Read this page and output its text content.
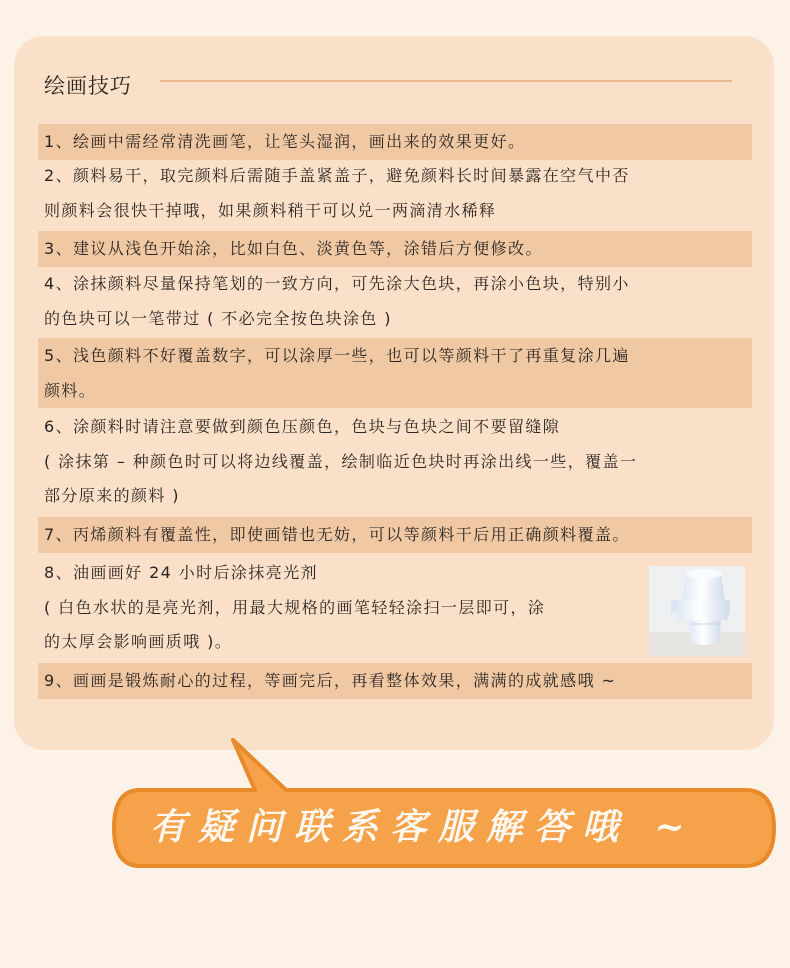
绘画技巧
1、绘画中需经常清洗画笔，让笔头湿润，画出来的效果更好。
2、颜料易干，取完颜料后需随手盖紧盖子，避免颜料长时间暴露在空气中否
则颜料会很快干掉哦，如果颜料稍干可以兑一两滴清水稀释
3、建议从浅色开始涂，比如白色、淡黄色等，涂错后方便修改。
4、涂抹颜料尽量保持笔划的一致方向，可先涂大色块，再涂小色块，特别小
的色块可以一笔带过 ( 不必完全按色块涂色 )
5、浅色颜料不好覆盖数字，可以涂厚一些，也可以等颜料干了再重复涂几遍
颜料。
6、涂颜料时请注意要做到颜色压颜色，色块与色块之间不要留缝隙
( 涂抹第 – 种颜色时可以将边线覆盖，绘制临近色块时再涂出线一些，覆盖一
部分原来的颜料 )
7、丙烯颜料有覆盖性，即使画错也无妨，可以等颜料干后用正确颜料覆盖。
8、油画画好 24 小时后涂抹亮光剂
( 白色水状的是亮光剂，用最大规格的画笔轻轻涂扫一层即可，涂
的太厚会影响画质哦 )。
9、画画是锻炼耐心的过程，等画完后，再看整体效果，满满的成就感哦 ~
有疑问联系客服解答哦 ~
